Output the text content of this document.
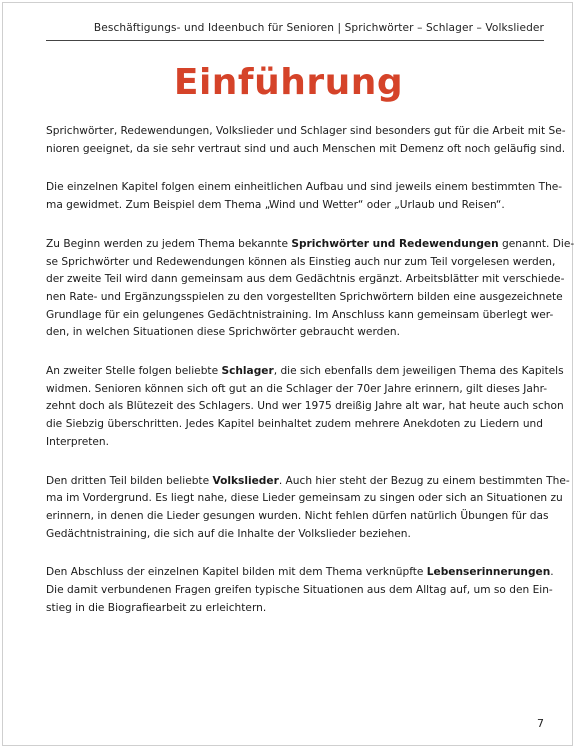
Beschäftigungs- und Ideenbuch für Senioren | Sprichwörter – Schlager – Volkslieder
Einführung

Sprichwörter, Redewendungen, Volkslieder und Schlager sind besonders gut für die Arbeit mit Se-
nioren geeignet, da sie sehr vertraut sind und auch Menschen mit Demenz oft noch geläufig sind.

Die einzelnen Kapitel folgen einem einheitlichen Aufbau und sind jeweils einem bestimmten The-
ma gewidmet. Zum Beispiel dem Thema „Wind und Wetter“ oder „Urlaub und Reisen“.

Zu Beginn werden zu jedem Thema bekannte Sprichwörter und Redewendungen genannt. Die-
se Sprichwörter und Redewendungen können als Einstieg auch nur zum Teil vorgelesen werden,
der zweite Teil wird dann gemeinsam aus dem Gedächtnis ergänzt. Arbeitsblätter mit verschiede-
nen Rate- und Ergänzungsspielen zu den vorgestellten Sprichwörtern bilden eine ausgezeichnete
Grundlage für ein gelungenes Gedächtnistraining. Im Anschluss kann gemeinsam überlegt wer-
den, in welchen Situationen diese Sprichwörter gebraucht werden.

An zweiter Stelle folgen beliebte Schlager, die sich ebenfalls dem jeweiligen Thema des Kapitels
widmen. Senioren können sich oft gut an die Schlager der 70er Jahre erinnern, gilt dieses Jahr-
zehnt doch als Blütezeit des Schlagers. Und wer 1975 dreißig Jahre alt war, hat heute auch schon
die Siebzig überschritten. Jedes Kapitel beinhaltet zudem mehrere Anekdoten zu Liedern und
Interpreten.

Den dritten Teil bilden beliebte Volkslieder. Auch hier steht der Bezug zu einem bestimmten The-
ma im Vordergrund. Es liegt nahe, diese Lieder gemeinsam zu singen oder sich an Situationen zu
erinnern, in denen die Lieder gesungen wurden. Nicht fehlen dürfen natürlich Übungen für das
Gedächtnistraining, die sich auf die Inhalte der Volkslieder beziehen.

Den Abschluss der einzelnen Kapitel bilden mit dem Thema verknüpfte Lebenserinnerungen.
Die damit verbundenen Fragen greifen typische Situationen aus dem Alltag auf, um so den Ein-
stieg in die Biografiearbeit zu erleichtern.

7
